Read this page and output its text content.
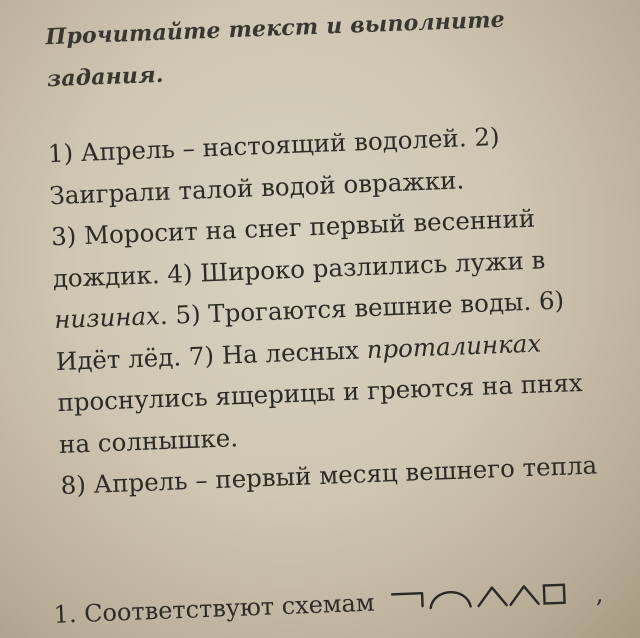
Прочитайте текст и выполните
задания.
1) Апрель – настоящий водолей. 2)
Заиграли талой водой овражки.
3) Моросит на снег первый весенний
дождик. 4) Широко разлились лужи в
низинах. 5) Трогаются вешние воды. 6)
Идёт лёд. 7) На лесных проталинках
проснулись ящерицы и греются на пнях
на солнышке.
8) Апрель – первый месяц вешнего тепла
1. Соответствуют схемам	,
